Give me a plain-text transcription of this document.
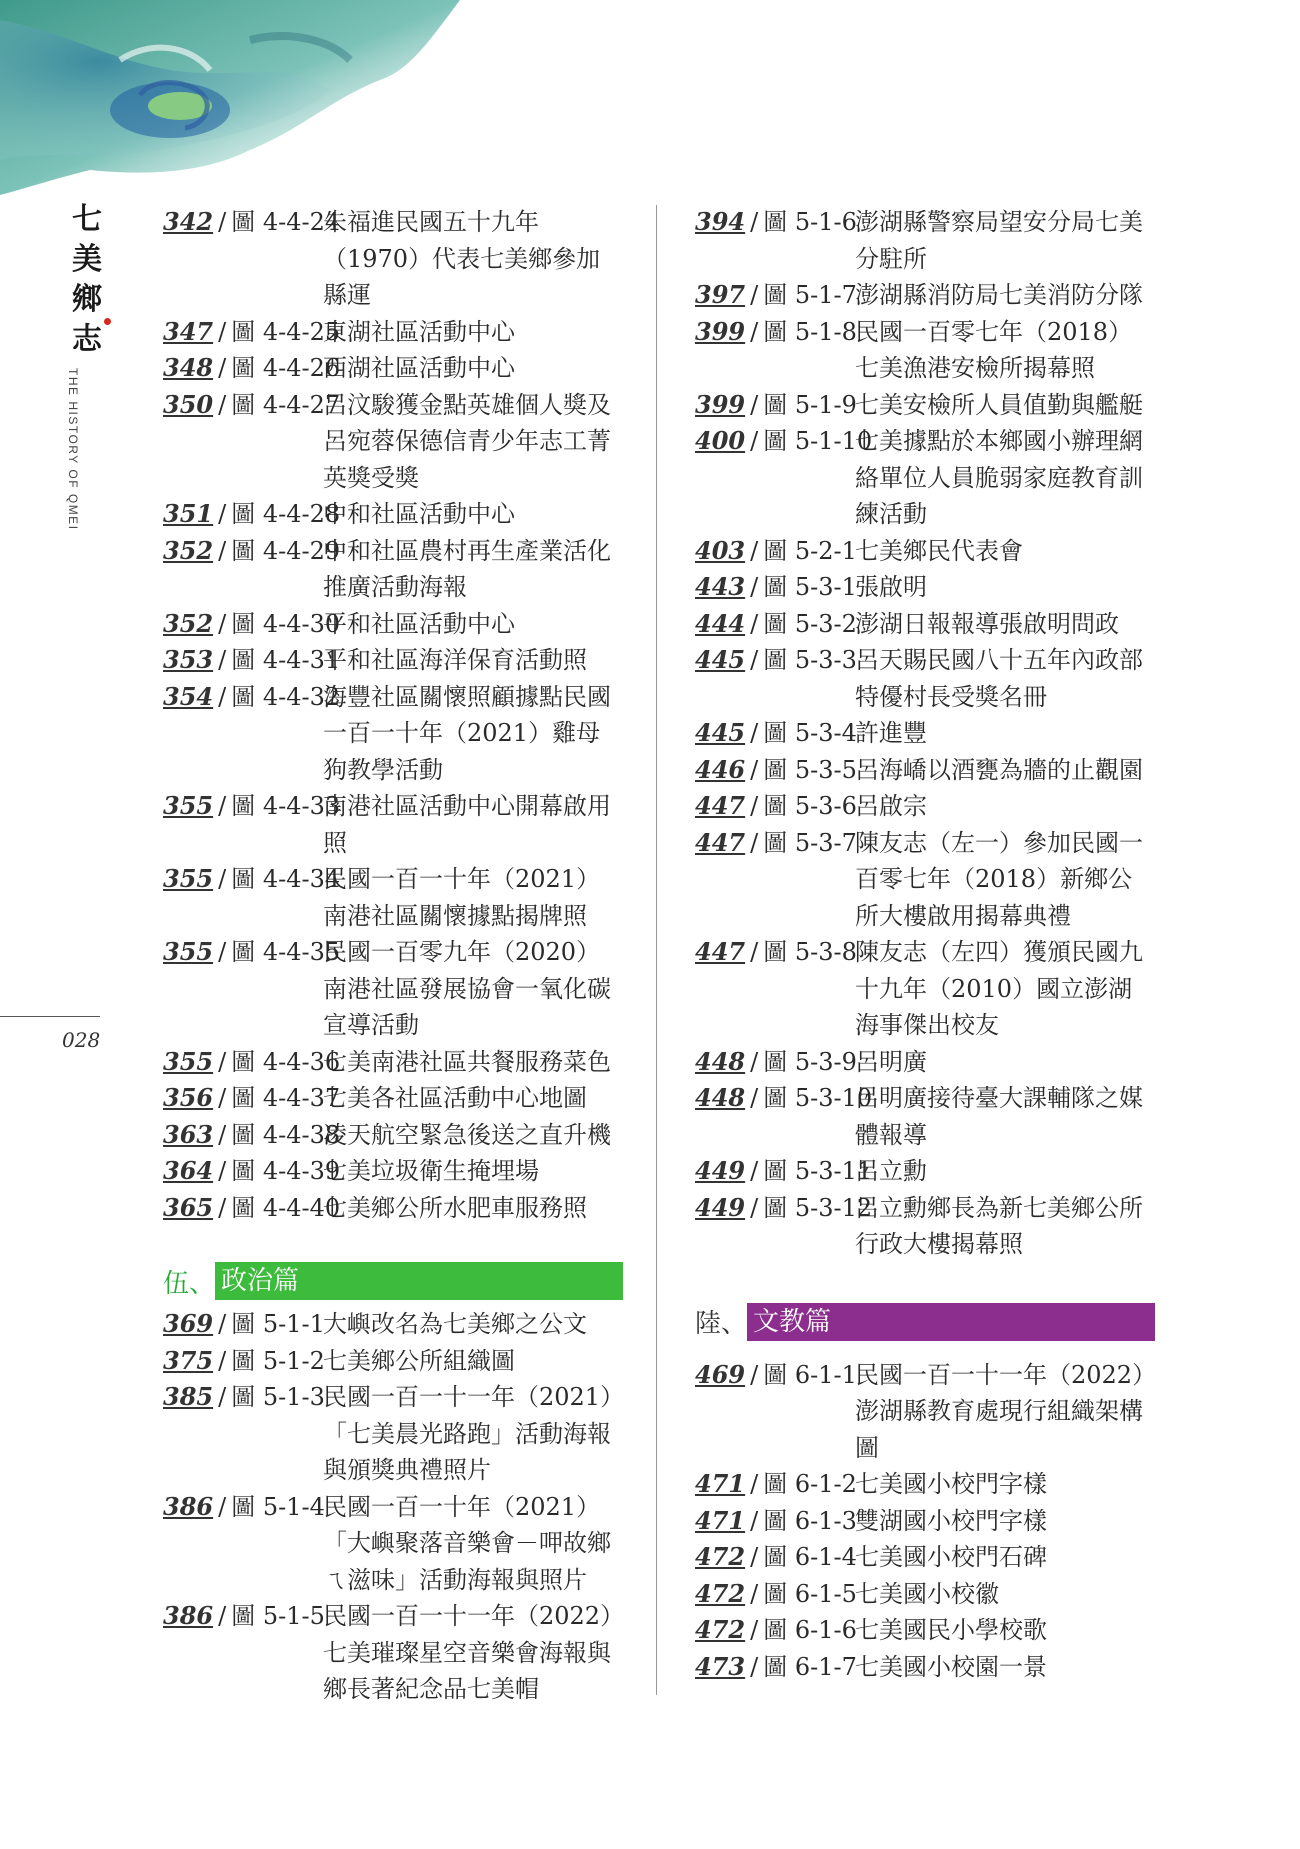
七
美
鄉
志
THE HISTORY OF QMEI
028
342 / 圖 4-4-24
朱福進民國五十九年（1970）代表七美鄉參加縣運
347 / 圖 4-4-25
東湖社區活動中心
348 / 圖 4-4-26
西湖社區活動中心
350 / 圖 4-4-27
呂汶駿獲金點英雄個人獎及呂宛蓉保德信青少年志工菁英獎受獎
351 / 圖 4-4-28
中和社區活動中心
352 / 圖 4-4-29
中和社區農村再生產業活化推廣活動海報
352 / 圖 4-4-30
平和社區活動中心
353 / 圖 4-4-31
平和社區海洋保育活動照
354 / 圖 4-4-32
海豐社區關懷照顧據點民國一百一十年（2021）雞母狗教學活動
355 / 圖 4-4-33
南港社區活動中心開幕啟用照
355 / 圖 4-4-34
民國一百一十年（2021）南港社區關懷據點揭牌照
355 / 圖 4-4-35
民國一百零九年（2020）南港社區發展協會一氧化碳宣導活動
355 / 圖 4-4-36
七美南港社區共餐服務菜色
356 / 圖 4-4-37
七美各社區活動中心地圖
363 / 圖 4-4-38
凌天航空緊急後送之直升機
364 / 圖 4-4-39
七美垃圾衛生掩埋場
365 / 圖 4-4-40
七美鄉公所水肥車服務照
伍、 政治篇
369 / 圖 5-1-1
大嶼改名為七美鄉之公文
375 / 圖 5-1-2
七美鄉公所組織圖
385 / 圖 5-1-3
民國一百一十一年（2021）「七美晨光路跑」活動海報與頒獎典禮照片
386 / 圖 5-1-4
民國一百一十年（2021）「大嶼聚落音樂會－呷故鄉ㄟ滋味」活動海報與照片
386 / 圖 5-1-5
民國一百一十一年（2022）七美璀璨星空音樂會海報與鄉長著紀念品七美帽
394 / 圖 5-1-6
澎湖縣警察局望安分局七美分駐所
397 / 圖 5-1-7
澎湖縣消防局七美消防分隊
399 / 圖 5-1-8
民國一百零七年（2018）七美漁港安檢所揭幕照
399 / 圖 5-1-9
七美安檢所人員值勤與艦艇
400 / 圖 5-1-10
七美據點於本鄉國小辦理網絡單位人員脆弱家庭教育訓練活動
403 / 圖 5-2-1
七美鄉民代表會
443 / 圖 5-3-1
張啟明
444 / 圖 5-3-2
澎湖日報報導張啟明問政
445 / 圖 5-3-3
呂天賜民國八十五年內政部特優村長受獎名冊
445 / 圖 5-3-4
許進豐
446 / 圖 5-3-5
呂海嶠以酒甕為牆的止觀園
447 / 圖 5-3-6
呂啟宗
447 / 圖 5-3-7
陳友志（左一）參加民國一百零七年（2018）新鄉公所大樓啟用揭幕典禮
447 / 圖 5-3-8
陳友志（左四）獲頒民國九十九年（2010）國立澎湖海事傑出校友
448 / 圖 5-3-9
呂明廣
448 / 圖 5-3-10
呂明廣接待臺大課輔隊之媒體報導
449 / 圖 5-3-11
呂立勳
449 / 圖 5-3-12
呂立勳鄉長為新七美鄉公所行政大樓揭幕照
陸、 文教篇
469 / 圖 6-1-1
民國一百一十一年（2022）澎湖縣教育處現行組織架構圖
471 / 圖 6-1-2
七美國小校門字樣
471 / 圖 6-1-3
雙湖國小校門字樣
472 / 圖 6-1-4
七美國小校門石碑
472 / 圖 6-1-5
七美國小校徽
472 / 圖 6-1-6
七美國民小學校歌
473 / 圖 6-1-7
七美國小校園一景
